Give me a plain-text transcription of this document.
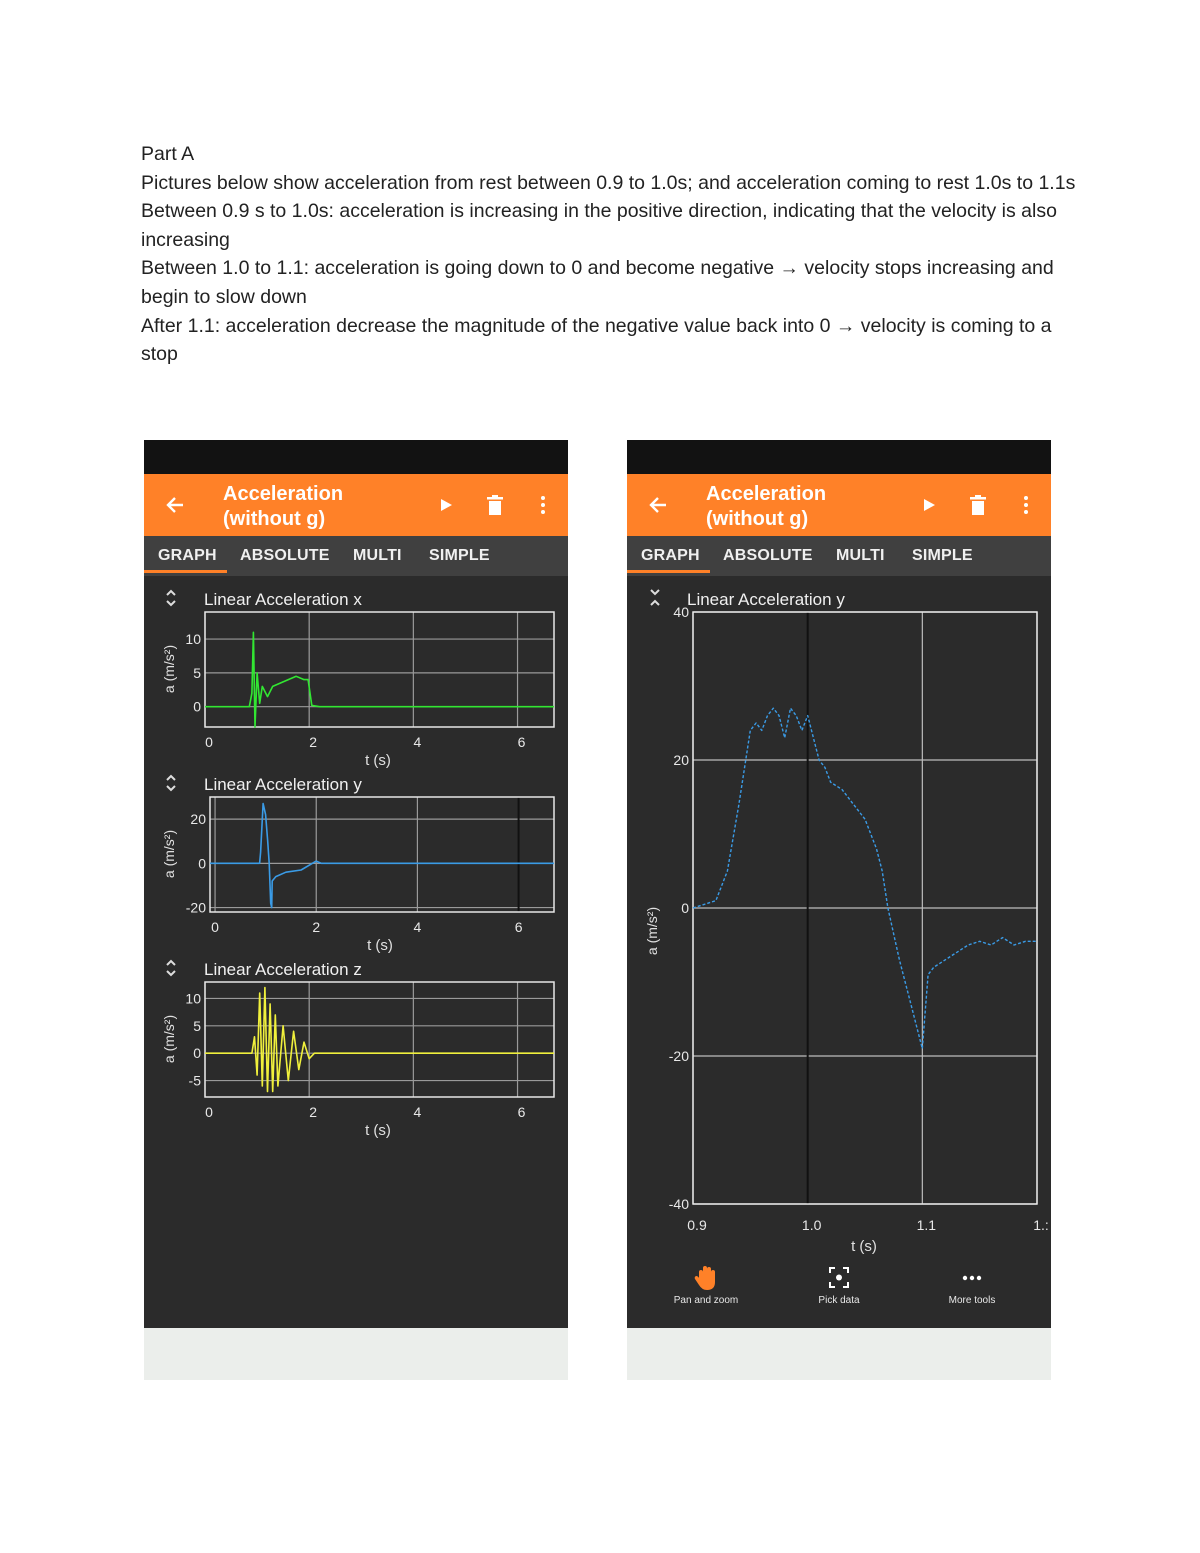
Part A

Pictures below show acceleration from rest between 0.9 to 1.0s; and acceleration coming to rest 1.0s to 1.1s

Between 0.9 s to 1.0s: acceleration is increasing in the positive direction, indicating that the velocity is also increasing

Between 1.0 to 1.1: acceleration is going down to 0 and become negative → velocity stops increasing and begin to slow down

After 1.1: acceleration decrease the magnitude of the negative value back into 0 → velocity is coming to a stop

Acceleration
(without g)
GRAPH	ABSOLUTE MULTI SIMPLE
Linear Acceleration x
a (m/s²)
0	2	4	6
10
5
0
t (s)
Linear Acceleration y
a (m/s²)
0	2	4	6
20
0
-20
t (s)
Linear Acceleration z
a (m/s²)
0	2	4	6
10
5
0
-5
t (s)
Acceleration
(without g)
GRAPH	ABSOLUTE MULTI SIMPLE
Linear Acceleration y
a (m/s²)
0.9	1.0	1.1	1.:
40
20
0
-20
-40
t (s)
Pan and zoom	Pick data	More tools
